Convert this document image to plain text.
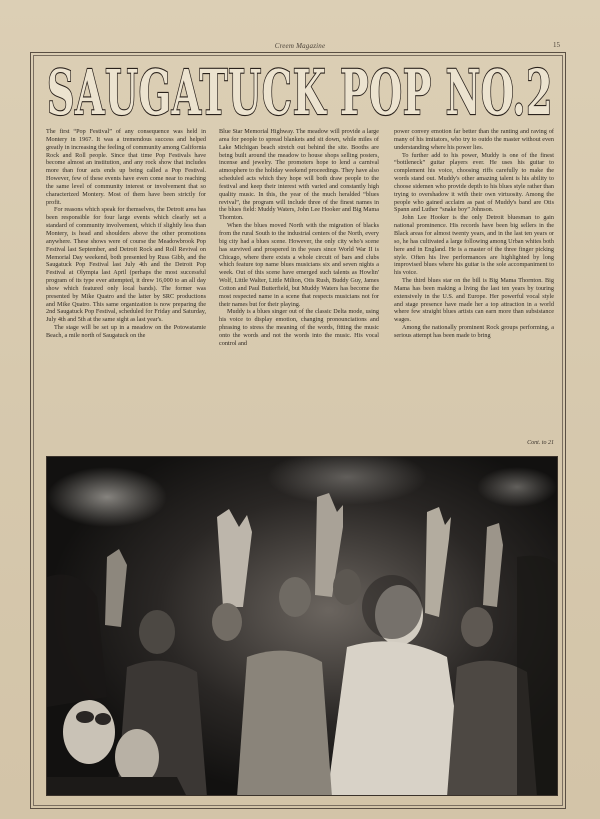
Creem Magazine	15
SAUGATUCK POP NO.2

The first “Pop Festival” of any consequence was held in Montery in 1967. It was a tremendous success and helped greatly in increasing the feeling of community among California Rock and Roll people. Since that time Pop Festivals have become almost an institution, and any rock show that includes more than four acts ends up being called a Pop Festival. However, few of these events have even come near to reaching the same level of community interest or involvement that so characterized Montery. Most of them have been strictly for profit.

For reasons which speak for themselves, the Detroit area has been responsible for four large events which clearly set a standard of community involvement, which if slightly less than Montery, is head and shoulders above the other promotions anywhere. These shows were of course the Meadowbrook Pop Festival last September, and Detroit Rock and Roll Revival on Memorial Day weekend, both presented by Russ Gibb, and the Saugatuck Pop Festival last July 4th and the Detroit Pop Festival at Olympia last April (perhaps the most successful program of its type ever attempted, it drew 16,000 to an all day show which featured only local bands). The former was presented by Mike Quatro and the latter by SRC productions and Mike Quatro. This same organization is now preparing the 2nd Saugatuck Pop Festival, scheduled for Friday and Saturday, July 4th and 5th at the same sight as last year's.

The stage will be set up in a meadow on the Potowatamie Beach, a mile north of Saugatuck on the

Blue Star Memorial Highway. The meadow will provide a large area for people to spread blankets and sit down, while miles of Lake Michigan beach stretch out behind the site. Booths are being built around the meadow to house shops selling posters, incense and jewelry. The promoters hope to lend a carnival atmosphere to the holiday weekend proceedings. They have also scheduled acts which they hope will both draw people to the festival and keep their interest with varied and constantly high quality music. In this, the year of the much heralded “blues revival”, the program will include three of the finest names in the blues field: Muddy Waters, John Lee Hooker and Big Mama Thornton.

When the blues moved North with the migration of blacks from the rural South to the industrial centers of the North, every big city had a blues scene. However, the only city who's scene has survived and prospered in the years since World War II is Chicago, where there exists a whole circuit of bars and clubs which feature top name blues musicians six and seven nights a week. Out of this scene have emerged such talents as Howlin' Wolf, Little Walter, Little Milton, Otis Rush, Buddy Guy, James Cotton and Paul Butterfield, but Muddy Waters has become the most respected name in a scene that respects musicians not for their names but for their playing.

Muddy is a blues singer out of the classic Delta mode, using his voice to display emotion, changing pronounciations and phrasing to stress the meaning of the words, fitting the music onto the words and not the words into the music. His vocal control and

power convey emotion far better than the ranting and raving of many of his imitators, who try to outdo the master without even understanding where his power lies.

To further add to his power, Muddy is one of the finest “bottleneck” guitar players ever. He uses his guitar to complement his voice, choosing riffs carefully to make the words stand out. Muddy's other amazing talent is his ability to choose sidemen who provide depth to his blues style rather than trying to overshadow it with their own virtuosity. Among the people who gained acclaim as past of Muddy's band are Otis Spann and Luther “snake boy” Johnson.

John Lee Hooker is the only Detroit bluesman to gain national prominence. His records have been big sellers in the Black areas for almost twenty years, and in the last ten years or so, he has cultivated a large following among Urban whites both here and in England. He is a master of the three finger picking style. Often his live performances are highlighted by long improvised blues where his guitar is the sole accompaniment to his voice.

The third blues star on the bill is Big Mama Thornton. Big Mama has been making a living the last ten years by touring extensively in the U.S. and Europe. Her powerful vocal style and stage presence have made her a top attraction in a world where few straight blues artists can earn more than subsistance wages.

Among the nationally prominent Rock groups performing, a serious attempt has been made to bring

Cont. to 21
